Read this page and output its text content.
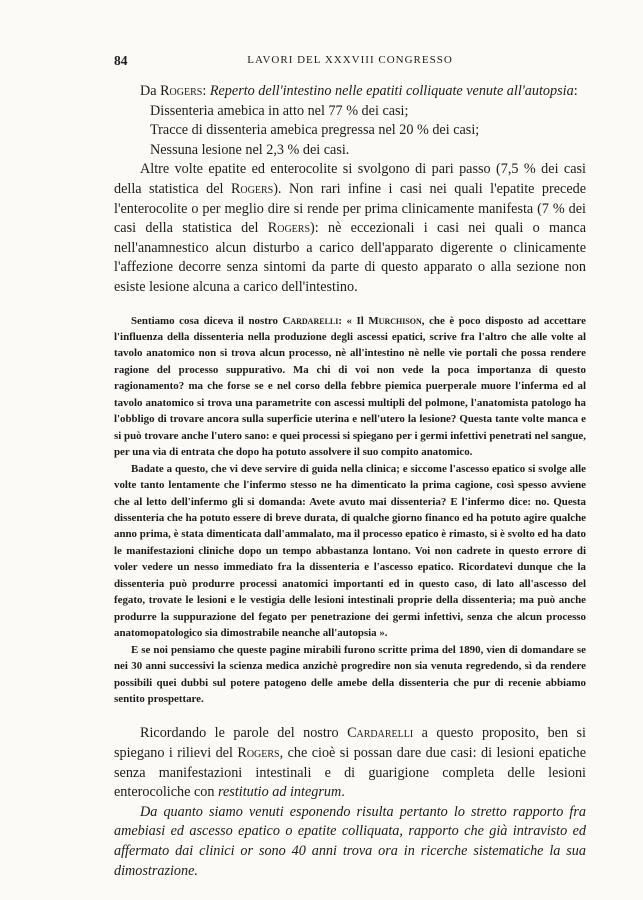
84	LAVORI DEL XXXVIII CONGRESSO

Da Rogers: Reperto dell'intestino nelle epatiti colliquate venute all'autopsia:

Dissenteria amebica in atto nel 77 % dei casi;
Tracce di dissenteria amebica pregressa nel 20 % dei casi;
Nessuna lesione nel 2,3 % dei casi.

Altre volte epatite ed enterocolite si svolgono di pari passo (7,5 % dei casi della statistica del Rogers). Non rari infine i casi nei quali l'epatite precede l'enterocolite o per meglio dire si rende per prima clinicamente manifesta (7 % dei casi della statistica del Rogers): nè eccezionali i casi nei quali o manca nell'anamnestico alcun disturbo a carico dell'apparato digerente o clinicamente l'affezione decorre senza sintomi da parte di questo apparato o alla sezione non esiste lesione alcuna a carico dell'intestino.

Sentiamo cosa diceva il nostro Cardarelli: « Il Murchison, che è poco disposto ad accettare l'influenza della dissenteria nella produzione degli ascessi epatici, scrive fra l'altro che alle volte al tavolo anatomico non si trova alcun processo, nè all'intestino nè nelle vie portali che possa rendere ragione del processo suppurativo. Ma chi di voi non vede la poca importanza di questo ragionamento? ma che forse se e nel corso della febbre piemica puerperale muore l'inferma ed al tavolo anatomico si trova una parametrite con ascessi multipli del polmone, l'anatomista patologo ha l'obbligo di trovare ancora sulla superficie uterina e nell'utero la lesione? Questa tante volte manca e si può trovare anche l'utero sano: e quei processi si spiegano per i germi infettivi penetrati nel sangue, per una via di entrata che dopo ha potuto assolvere il suo compito anatomico.

Badate a questo, che vi deve servire di guida nella clinica; e siccome l'ascesso epatico si svolge alle volte tanto lentamente che l'infermo stesso ne ha dimenticato la prima cagione, così spesso avviene che al letto dell'infermo gli si domanda: Avete avuto mai dissenteria? E l'infermo dice: no. Questa dissenteria che ha potuto essere di breve durata, di qualche giorno financo ed ha potuto agire qualche anno prima, è stata dimenticata dall'ammalato, ma il processo epatico è rimasto, si è svolto ed ha dato le manifestazioni cliniche dopo un tempo abbastanza lontano. Voi non cadrete in questo errore di voler vedere un nesso immediato fra la dissenteria e l'ascesso epatico. Ricordatevi dunque che la dissenteria può produrre processi anatomici importanti ed in questo caso, di lato all'ascesso del fegato, trovate le lesioni e le vestigia delle lesioni intestinali proprie della dissenteria; ma può anche produrre la suppurazione del fegato per penetrazione dei germi infettivi, senza che alcun processo anatomopatologico sia dimostrabile neanche all'autopsia ».

E se noi pensiamo che queste pagine mirabili furono scritte prima del 1890, vien di domandare se nei 30 anni successivi la scienza medica anzichè progredire non sia venuta regredendo, sì da rendere possibili quei dubbi sul potere patogeno delle amebe della dissenteria che pur di recenie abbiamo sentito prospettare.

Ricordando le parole del nostro Cardarelli a questo proposito, ben si spiegano i rilievi del Rogers, che cioè si possan dare due casi: di lesioni epatiche senza manifestazioni intestinali e di guarigione completa delle lesioni enterocoliche con restitutio ad integrum.

Da quanto siamo venuti esponendo risulta pertanto lo stretto rapporto fra amebiasi ed ascesso epatico o epatite colliquata, rapporto che già intravisto ed affermato dai clinici or sono 40 anni trova ora in ricerche sistematiche la sua dimostrazione.
